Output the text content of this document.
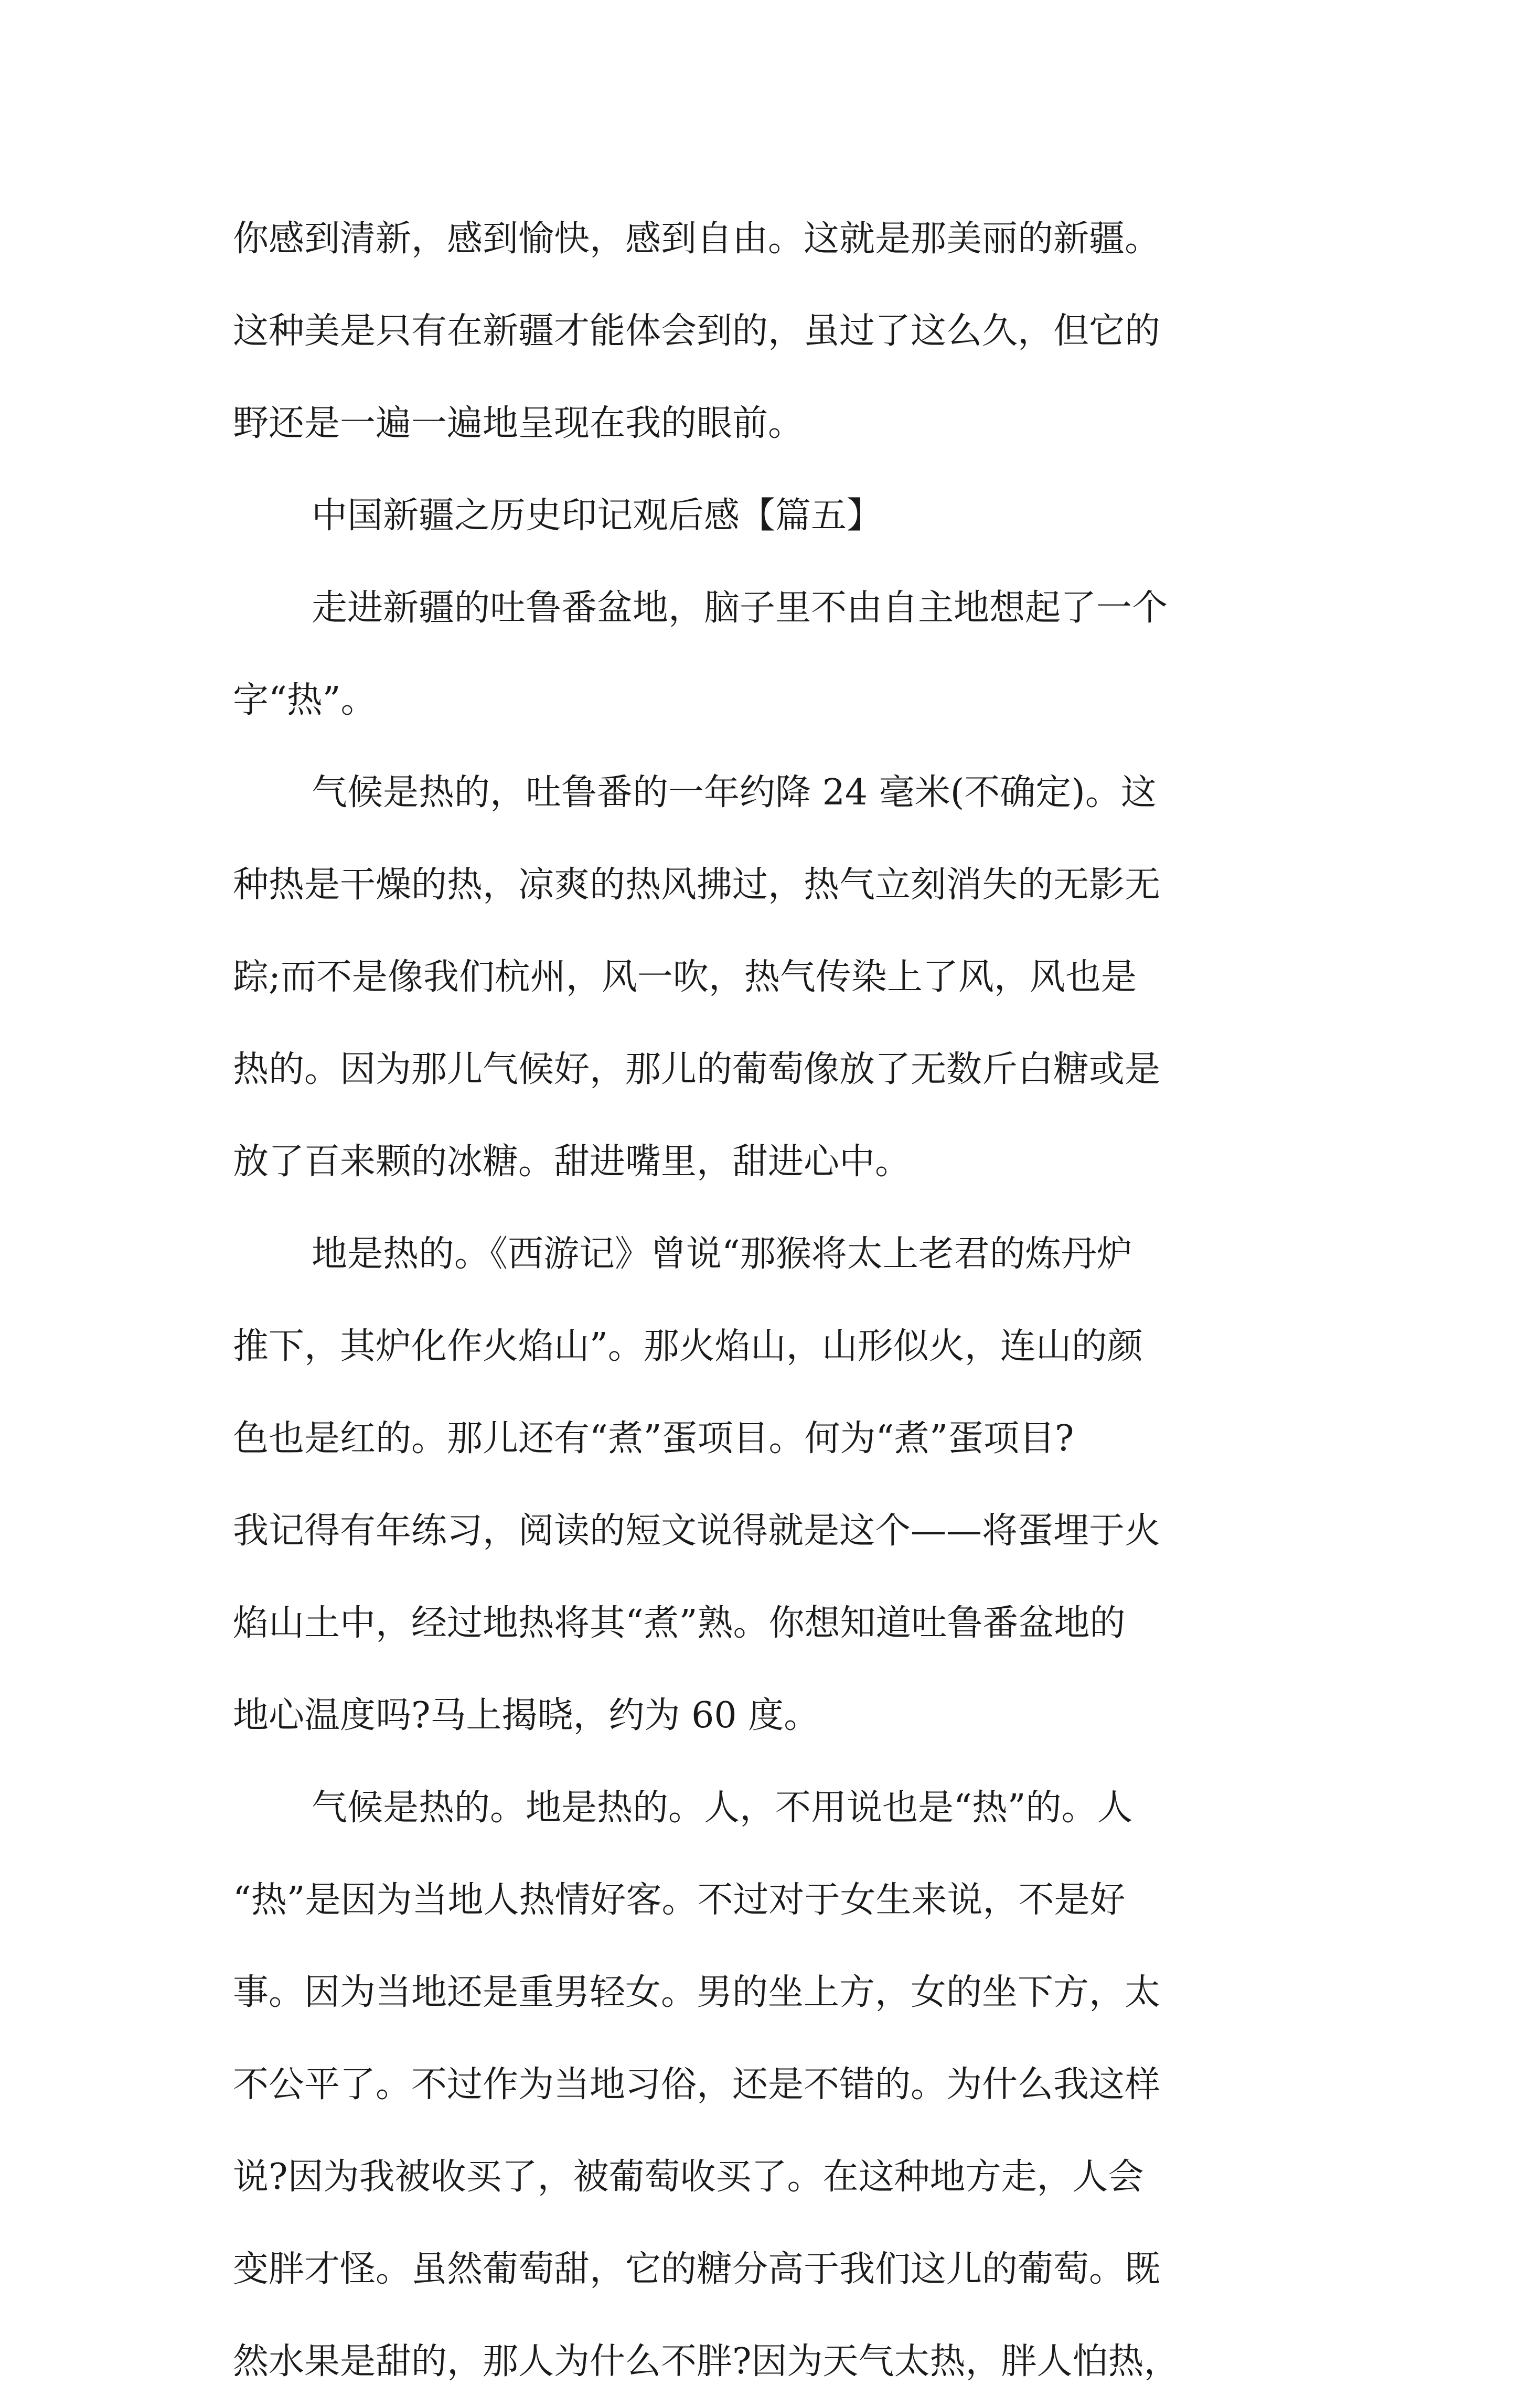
你感到清新，感到愉快，感到自由。这就是那美丽的新疆。
这种美是只有在新疆才能体会到的，虽过了这么久，但它的
野还是一遍一遍地呈现在我的眼前。
中国新疆之历史印记观后感【篇五】
走进新疆的吐鲁番盆地，脑子里不由自主地想起了一个
字“热”。
气候是热的，吐鲁番的一年约降 24 毫米(不确定)。这
种热是干燥的热，凉爽的热风拂过，热气立刻消失的无影无
踪;而不是像我们杭州，风一吹，热气传染上了风，风也是
热的。因为那儿气候好，那儿的葡萄像放了无数斤白糖或是
放了百来颗的冰糖。甜进嘴里，甜进心中。
地是热的。《西游记》曾说“那猴将太上老君的炼丹炉
推下，其炉化作火焰山”。那火焰山，山形似火，连山的颜
色也是红的。那儿还有“煮”蛋项目。何为“煮”蛋项目?
我记得有年练习，阅读的短文说得就是这个——将蛋埋于火
焰山土中，经过地热将其“煮”熟。你想知道吐鲁番盆地的
地心温度吗?马上揭晓，约为 60 度。
气候是热的。地是热的。人，不用说也是“热”的。人
“热”是因为当地人热情好客。不过对于女生来说，不是好
事。因为当地还是重男轻女。男的坐上方，女的坐下方，太
不公平了。不过作为当地习俗，还是不错的。为什么我这样
说?因为我被收买了，被葡萄收买了。在这种地方走，人会
变胖才怪。虽然葡萄甜，它的糖分高于我们这儿的葡萄。既
然水果是甜的，那人为什么不胖?因为天气太热，胖人怕热，
